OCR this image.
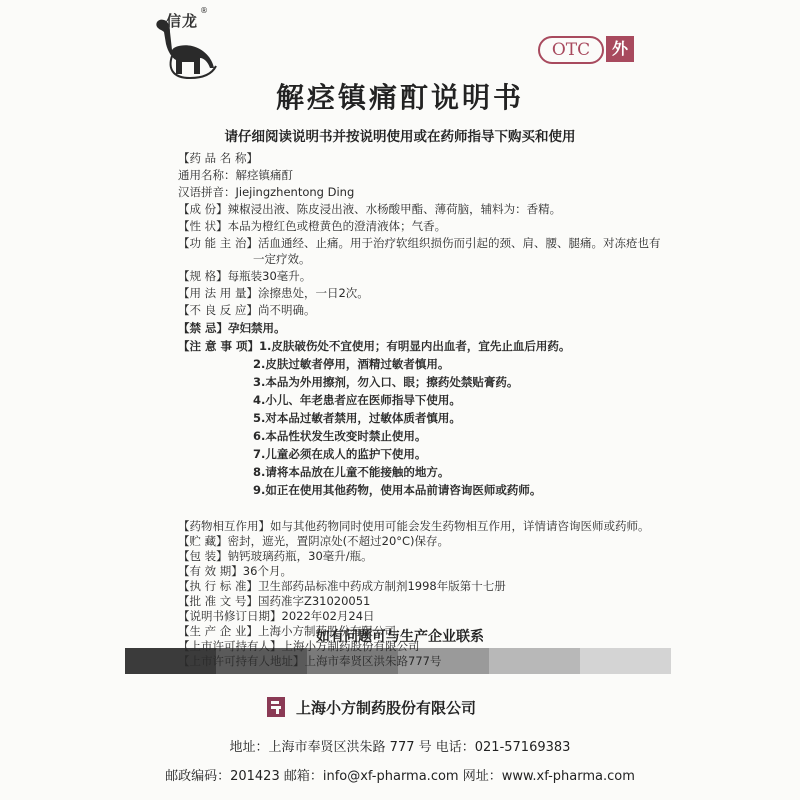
信龙
®
OTC	外
解痉镇痛酊说明书
请仔细阅读说明书并按说明使用或在药师指导下购买和使用
【药 品 名 称】
通用名称：解痉镇痛酊
汉语拼音：Jiejingzhentong Ding
【成 份】辣椒浸出液、陈皮浸出液、水杨酸甲酯、薄荷脑，辅料为：香精。
【性 状】本品为橙红色或橙黄色的澄清液体；气香。
【功 能 主 治】活血通经、止痛。用于治疗软组织损伤而引起的颈、肩、腰、腿痛。对冻疮也有
一定疗效。
【规 格】每瓶装30毫升。
【用 法 用 量】涂擦患处，一日2次。
【不 良 反 应】尚不明确。
【禁 忌】孕妇禁用。
【注 意 事 项】1.皮肤破伤处不宜使用；有明显内出血者，宜先止血后用药。
2.皮肤过敏者停用，酒精过敏者慎用。
3.本品为外用擦剂，勿入口、眼；擦药处禁贴膏药。
4.小儿、年老患者应在医师指导下使用。
5.对本品过敏者禁用，过敏体质者慎用。
6.本品性状发生改变时禁止使用。
7.儿童必须在成人的监护下使用。
8.请将本品放在儿童不能接触的地方。
9.如正在使用其他药物，使用本品前请咨询医师或药师。
【药物相互作用】如与其他药物同时使用可能会发生药物相互作用，详情请咨询医师或药师。
【贮 藏】密封，遮光，置阴凉处(不超过20°C)保存。
【包 装】钠钙玻璃药瓶，30毫升/瓶。
【有 效 期】36个月。
【执 行 标 准】卫生部药品标准中药成方制剂1998年版第十七册
如有问题可与生产企业联系
上海小方制药股份有限公司
地址：上海市奉贤区洪朱路 777 号 电话：021-57169383
邮政编码：201423 邮箱：info@xf-pharma.com 网址：www.xf-pharma.com
【批 准 文 号】国药准字Z31020051
【说明书修订日期】2022年02月24日
【生 产 企 业】上海小方制药股份有限公司
【上市许可持有人】上海小方制药股份有限公司
【上市许可持有人地址】上海市奉贤区洪朱路777号
